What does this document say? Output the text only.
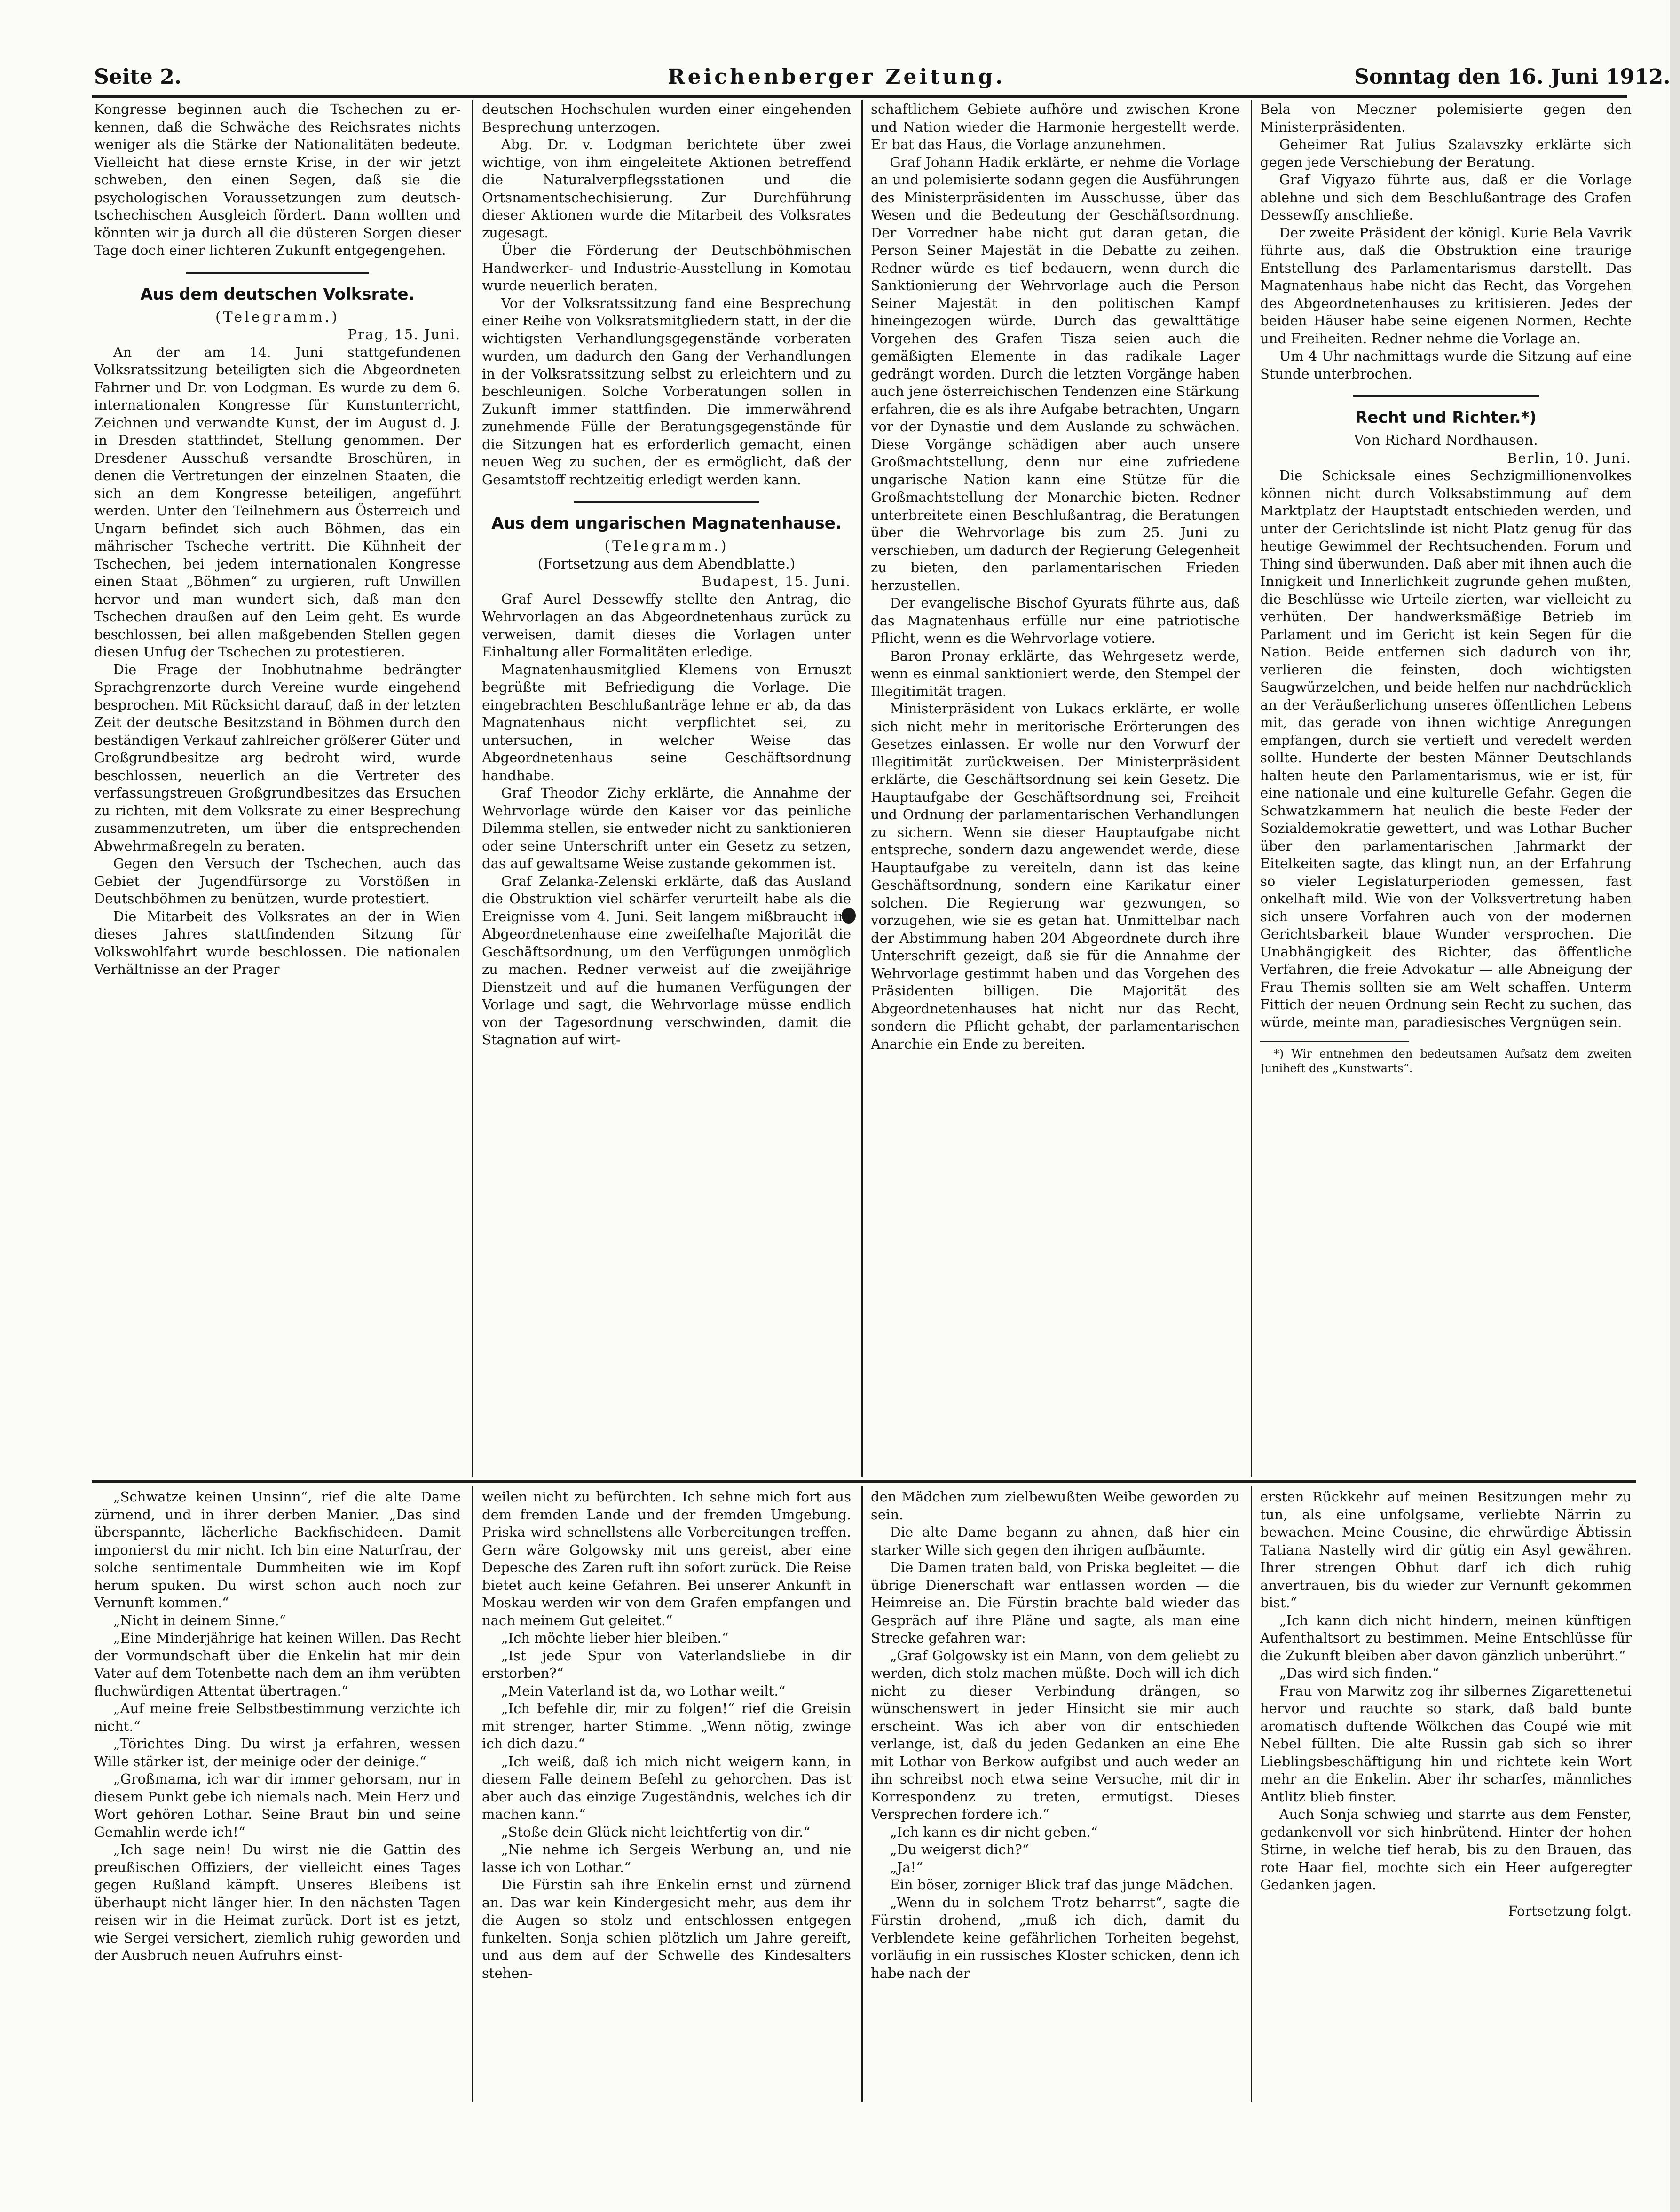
Seite 2.	Reichenberger Zeitung.	Sonntag den 16. Juni 1912.

Kongresse beginnen auch die Tschechen zu er-kennen, daß die Schwäche des Reichsrates nichts weniger als die Stärke der Nationalitäten bedeute. Vielleicht hat diese ernste Krise, in der wir jetzt schweben, den einen Segen, daß sie die psychologischen Voraussetzungen zum deutsch-tschechischen Ausgleich fördert. Dann wollten und könnten wir ja durch all die düsteren Sorgen dieser Tage doch einer lichteren Zukunft entgegengehen.

Aus dem deutschen Volksrate.

(Telegramm.)

Prag, 15. Juni.

An der am 14. Juni stattgefundenen Volksratssitzung beteiligten sich die Abgeordneten Fahrner und Dr. von Lodgman. Es wurde zu dem 6. internationalen Kongresse für Kunstunterricht, Zeichnen und verwandte Kunst, der im August d. J. in Dresden stattfindet, Stellung genommen. Der Dresdener Ausschuß versandte Broschüren, in denen die Vertretungen der einzelnen Staaten, die sich an dem Kongresse beteiligen, angeführt werden. Unter den Teilnehmern aus Österreich und Ungarn befindet sich auch Böhmen, das ein mährischer Tscheche vertritt. Die Kühnheit der Tschechen, bei jedem internationalen Kongresse einen Staat „Böhmen“ zu urgieren, ruft Unwillen hervor und man wundert sich, daß man den Tschechen draußen auf den Leim geht. Es wurde beschlossen, bei allen maßgebenden Stellen gegen diesen Unfug der Tschechen zu protestieren.

Die Frage der Inobhutnahme bedrängter Sprachgrenzorte durch Vereine wurde eingehend besprochen. Mit Rücksicht darauf, daß in der letzten Zeit der deutsche Besitzstand in Böhmen durch den beständigen Verkauf zahlreicher größerer Güter und Großgrundbesitze arg bedroht wird, wurde beschlossen, neuerlich an die Vertreter des verfassungstreuen Großgrundbesitzes das Ersuchen zu richten, mit dem Volksrate zu einer Besprechung zusammenzutreten, um über die entsprechenden Abwehrmaßregeln zu beraten.

Gegen den Versuch der Tschechen, auch das Gebiet der Jugendfürsorge zu Vorstößen in Deutschböhmen zu benützen, wurde protestiert.

Die Mitarbeit des Volksrates an der in Wien dieses Jahres stattfindenden Sitzung für Volkswohlfahrt wurde beschlossen. Die nationalen Verhältnisse an der Prager

deutschen Hochschulen wurden einer eingehenden Besprechung unterzogen.

Abg. Dr. v. Lodgman berichtete über zwei wichtige, von ihm eingeleitete Aktionen betreffend die Naturalverpflegsstationen und die Ortsnamentschechisierung. Zur Durchführung dieser Aktionen wurde die Mitarbeit des Volksrates zugesagt.

Über die Förderung der Deutschböhmischen Handwerker- und Industrie-Ausstellung in Komotau wurde neuerlich beraten.

Vor der Volksratssitzung fand eine Besprechung einer Reihe von Volksratsmitgliedern statt, in der die wichtigsten Verhandlungsgegenstände vorberaten wurden, um dadurch den Gang der Verhandlungen in der Volksratssitzung selbst zu erleichtern und zu beschleunigen. Solche Vorberatungen sollen in Zukunft immer stattfinden. Die immerwährend zunehmende Fülle der Beratungsgegenstände für die Sitzungen hat es erforderlich gemacht, einen neuen Weg zu suchen, der es ermöglicht, daß der Gesamtstoff rechtzeitig erledigt werden kann.

Aus dem ungarischen Magnatenhause.

(Telegramm.)

(Fortsetzung aus dem Abendblatte.)

Budapest, 15. Juni.

Graf Aurel Dessewffy stellte den Antrag, die Wehrvorlagen an das Abgeordnetenhaus zurück zu verweisen, damit dieses die Vorlagen unter Einhaltung aller Formalitäten erledige.

Magnatenhausmitglied Klemens von Ernuszt begrüßte mit Befriedigung die Vorlage. Die eingebrachten Beschlußanträge lehne er ab, da das Magnatenhaus nicht verpflichtet sei, zu untersuchen, in welcher Weise das Abgeordnetenhaus seine Geschäftsordnung handhabe.

Graf Theodor Zichy erklärte, die Annahme der Wehrvorlage würde den Kaiser vor das peinliche Dilemma stellen, sie entweder nicht zu sanktionieren oder seine Unterschrift unter ein Gesetz zu setzen, das auf gewaltsame Weise zustande gekommen ist.

Graf Zelanka-Zelenski erklärte, daß das Ausland die Obstruktion viel schärfer verurteilt habe als die Ereignisse vom 4. Juni. Seit langem mißbraucht im Abgeordnetenhause eine zweifelhafte Majorität die Geschäftsordnung, um den Verfügungen unmöglich zu machen. Redner verweist auf die zweijährige Dienstzeit und auf die humanen Verfügungen der Vorlage und sagt, die Wehrvorlage müsse endlich von der Tagesordnung verschwinden, damit die Stagnation auf wirt-

schaftlichem Gebiete aufhöre und zwischen Krone und Nation wieder die Harmonie hergestellt werde. Er bat das Haus, die Vorlage anzunehmen.

Graf Johann Hadik erklärte, er nehme die Vorlage an und polemisierte sodann gegen die Ausführungen des Ministerpräsidenten im Ausschusse, über das Wesen und die Bedeutung der Geschäftsordnung. Der Vorredner habe nicht gut daran getan, die Person Seiner Majestät in die Debatte zu zeihen. Redner würde es tief bedauern, wenn durch die Sanktionierung der Wehrvorlage auch die Person Seiner Majestät in den politischen Kampf hineingezogen würde. Durch das gewalttätige Vorgehen des Grafen Tisza seien auch die gemäßigten Elemente in das radikale Lager gedrängt worden. Durch die letzten Vorgänge haben auch jene österreichischen Tendenzen eine Stärkung erfahren, die es als ihre Aufgabe betrachten, Ungarn vor der Dynastie und dem Auslande zu schwächen. Diese Vorgänge schädigen aber auch unsere Großmachtstellung, denn nur eine zufriedene ungarische Nation kann eine Stütze für die Großmachtstellung der Monarchie bieten. Redner unterbreitete einen Beschlußantrag, die Beratungen über die Wehrvorlage bis zum 25. Juni zu verschieben, um dadurch der Regierung Gelegenheit zu bieten, den parlamentarischen Frieden herzustellen.

Der evangelische Bischof Gyurats führte aus, daß das Magnatenhaus erfülle nur eine patriotische Pflicht, wenn es die Wehrvorlage votiere.

Baron Pronay erklärte, das Wehrgesetz werde, wenn es einmal sanktioniert werde, den Stempel der Illegitimität tragen.

Ministerpräsident von Lukacs erklärte, er wolle sich nicht mehr in meritorische Erörterungen des Gesetzes einlassen. Er wolle nur den Vorwurf der Illegitimität zurückweisen. Der Ministerpräsident erklärte, die Geschäftsordnung sei kein Gesetz. Die Hauptaufgabe der Geschäftsordnung sei, Freiheit und Ordnung der parlamentarischen Verhandlungen zu sichern. Wenn sie dieser Hauptaufgabe nicht entspreche, sondern dazu angewendet werde, diese Hauptaufgabe zu vereiteln, dann ist das keine Geschäftsordnung, sondern eine Karikatur einer solchen. Die Regierung war gezwungen, so vorzugehen, wie sie es getan hat. Unmittelbar nach der Abstimmung haben 204 Abgeordnete durch ihre Unterschrift gezeigt, daß sie für die Annahme der Wehrvorlage gestimmt haben und das Vorgehen des Präsidenten billigen. Die Majorität des Abgeordnetenhauses hat nicht nur das Recht, sondern die Pflicht gehabt, der parlamentarischen Anarchie ein Ende zu bereiten.

Bela von Meczner polemisierte gegen den Ministerpräsidenten.

Geheimer Rat Julius Szalavszky erklärte sich gegen jede Verschiebung der Beratung.

Graf Vigyazo führte aus, daß er die Vorlage ablehne und sich dem Beschlußantrage des Grafen Dessewffy anschließe.

Der zweite Präsident der königl. Kurie Bela Vavrik führte aus, daß die Obstruktion eine traurige Entstellung des Parlamentarismus darstellt. Das Magnatenhaus habe nicht das Recht, das Vorgehen des Abgeordnetenhauses zu kritisieren. Jedes der beiden Häuser habe seine eigenen Normen, Rechte und Freiheiten. Redner nehme die Vorlage an.

Um 4 Uhr nachmittags wurde die Sitzung auf eine Stunde unterbrochen.

Recht und Richter.*)

Von Richard Nordhausen.

Berlin, 10. Juni.

Die Schicksale eines Sechzigmillionenvolkes können nicht durch Volksabstimmung auf dem Marktplatz der Hauptstadt entschieden werden, und unter der Gerichtslinde ist nicht Platz genug für das heutige Gewimmel der Rechtsuchenden. Forum und Thing sind überwunden. Daß aber mit ihnen auch die Innigkeit und Innerlichkeit zugrunde gehen mußten, die Beschlüsse wie Urteile zierten, war vielleicht zu verhüten. Der handwerksmäßige Betrieb im Parlament und im Gericht ist kein Segen für die Nation. Beide entfernen sich dadurch von ihr, verlieren die feinsten, doch wichtigsten Saugwürzelchen, und beide helfen nur nachdrücklich an der Veräußerlichung unseres öffentlichen Lebens mit, das gerade von ihnen wichtige Anregungen empfangen, durch sie vertieft und veredelt werden sollte. Hunderte der besten Männer Deutschlands halten heute den Parlamentarismus, wie er ist, für eine nationale und eine kulturelle Gefahr. Gegen die Schwatzkammern hat neulich die beste Feder der Sozialdemokratie gewettert, und was Lothar Bucher über den parlamentarischen Jahrmarkt der Eitelkeiten sagte, das klingt nun, an der Erfahrung so vieler Legislaturperioden gemessen, fast onkelhaft mild. Wie von der Volksvertretung haben sich unsere Vorfahren auch von der modernen Gerichtsbarkeit blaue Wunder versprochen. Die Unabhängigkeit des Richter, das öffentliche Verfahren, die freie Advokatur — alle Abneigung der Frau Themis sollten sie am Welt schaffen. Unterm Fittich der neuen Ordnung sein Recht zu suchen, das würde, meinte man, paradiesisches Vergnügen sein.

*) Wir entnehmen den bedeutsamen Aufsatz dem zweiten Juniheft des „Kunstwarts“.

„Schwatze keinen Unsinn“, rief die alte Dame zürnend, und in ihrer derben Manier. „Das sind überspannte, lächerliche Backfischideen. Damit imponierst du mir nicht. Ich bin eine Naturfrau, der solche sentimentale Dummheiten wie im Kopf herum spuken. Du wirst schon auch noch zur Vernunft kommen.“

„Nicht in deinem Sinne.“

„Eine Minderjährige hat keinen Willen. Das Recht der Vormundschaft über die Enkelin hat mir dein Vater auf dem Totenbette nach dem an ihm verübten fluchwürdigen Attentat übertragen.“

„Auf meine freie Selbstbestimmung verzichte ich nicht.“

„Törichtes Ding. Du wirst ja erfahren, wessen Wille stärker ist, der meinige oder der deinige.“

„Großmama, ich war dir immer gehorsam, nur in diesem Punkt gebe ich niemals nach. Mein Herz und Wort gehören Lothar. Seine Braut bin und seine Gemahlin werde ich!“

„Ich sage nein! Du wirst nie die Gattin des preußischen Offiziers, der vielleicht eines Tages gegen Rußland kämpft. Unseres Bleibens ist überhaupt nicht länger hier. In den nächsten Tagen reisen wir in die Heimat zurück. Dort ist es jetzt, wie Sergei versichert, ziemlich ruhig geworden und der Ausbruch neuen Aufruhrs einst-

weilen nicht zu befürchten. Ich sehne mich fort aus dem fremden Lande und der fremden Umgebung. Priska wird schnellstens alle Vorbereitungen treffen. Gern wäre Golgowsky mit uns gereist, aber eine Depesche des Zaren ruft ihn sofort zurück. Die Reise bietet auch keine Gefahren. Bei unserer Ankunft in Moskau werden wir von dem Grafen empfangen und nach meinem Gut geleitet.“

„Ich möchte lieber hier bleiben.“

„Ist jede Spur von Vaterlandsliebe in dir erstorben?“

„Mein Vaterland ist da, wo Lothar weilt.“

„Ich befehle dir, mir zu folgen!“ rief die Greisin mit strenger, harter Stimme. „Wenn nötig, zwinge ich dich dazu.“

„Ich weiß, daß ich mich nicht weigern kann, in diesem Falle deinem Befehl zu gehorchen. Das ist aber auch das einzige Zugeständnis, welches ich dir machen kann.“

„Stoße dein Glück nicht leichtfertig von dir.“

„Nie nehme ich Sergeis Werbung an, und nie lasse ich von Lothar.“

Die Fürstin sah ihre Enkelin ernst und zürnend an. Das war kein Kindergesicht mehr, aus dem ihr die Augen so stolz und entschlossen entgegen funkelten. Sonja schien plötzlich um Jahre gereift, und aus dem auf der Schwelle des Kindesalters stehen-

den Mädchen zum zielbewußten Weibe geworden zu sein.

Die alte Dame begann zu ahnen, daß hier ein starker Wille sich gegen den ihrigen aufbäumte.

Die Damen traten bald, von Priska begleitet — die übrige Dienerschaft war entlassen worden — die Heimreise an. Die Fürstin brachte bald wieder das Gespräch auf ihre Pläne und sagte, als man eine Strecke gefahren war:

„Graf Golgowsky ist ein Mann, von dem geliebt zu werden, dich stolz machen müßte. Doch will ich dich nicht zu dieser Verbindung drängen, so wünschenswert in jeder Hinsicht sie mir auch erscheint. Was ich aber von dir entschieden verlange, ist, daß du jeden Gedanken an eine Ehe mit Lothar von Berkow aufgibst und auch weder an ihn schreibst noch etwa seine Versuche, mit dir in Korrespondenz zu treten, ermutigst. Dieses Versprechen fordere ich.“

„Ich kann es dir nicht geben.“

„Du weigerst dich?“

„Ja!“

Ein böser, zorniger Blick traf das junge Mädchen.

„Wenn du in solchem Trotz beharrst“, sagte die Fürstin drohend, „muß ich dich, damit du Verblendete keine gefährlichen Torheiten begehst, vorläufig in ein russisches Kloster schicken, denn ich habe nach der

ersten Rückkehr auf meinen Besitzungen mehr zu tun, als eine unfolgsame, verliebte Närrin zu bewachen. Meine Cousine, die ehrwürdige Äbtissin Tatiana Nastelly wird dir gütig ein Asyl gewähren. Ihrer strengen Obhut darf ich dich ruhig anvertrauen, bis du wieder zur Vernunft gekommen bist.“

„Ich kann dich nicht hindern, meinen künftigen Aufenthaltsort zu bestimmen. Meine Entschlüsse für die Zukunft bleiben aber davon gänzlich unberührt.“

„Das wird sich finden.“

Frau von Marwitz zog ihr silbernes Zigarettenetui hervor und rauchte so stark, daß bald bunte aromatisch duftende Wölkchen das Coupé wie mit Nebel füllten. Die alte Russin gab sich so ihrer Lieblingsbeschäftigung hin und richtete kein Wort mehr an die Enkelin. Aber ihr scharfes, männliches Antlitz blieb finster.

Auch Sonja schwieg und starrte aus dem Fenster, gedankenvoll vor sich hinbrütend. Hinter der hohen Stirne, in welche tief herab, bis zu den Brauen, das rote Haar fiel, mochte sich ein Heer aufgeregter Gedanken jagen.

Fortsetzung folgt.
